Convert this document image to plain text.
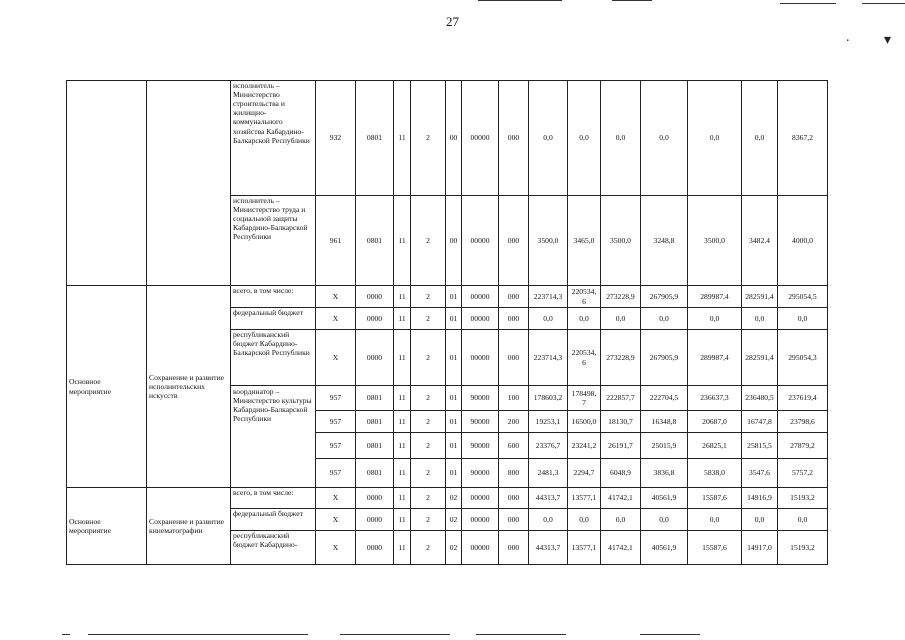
. ▾
27
		исполнитель – Министерство строительства и жилищно-коммунального хозяйства Кабардино-Балкарской Республики	932	0801	11	2	00	00000	000	0,0	0,0	0,0	0,0	0,0	0,0	8367,2
		исполнитель – Министерство труда и социальной защиты Кабардино-Балкарской Республики	961	0801	11	2	00	00000	000	3500,0	3465,0	3500,0	3248,8	3500,0	3482,4	4000,0
Основное мероприятие	Сохранение и развитие исполнительских искусств	всего, в том числе:	X	0000	11	2	01	00000	000	223714,3	220534,6	273228,9	267905,9	289987,4	282591,4	295054,5
		федеральный бюджет	X	0000	11	2	01	00000	000	0,0	0,0	0,0	0,0	0,0	0,0	0,0
		республиканский бюджет Кабардино-Балкарской Республики	X	0000	11	2	01	00000	000	223714,3	220534,6	273228,9	267905,9	289987,4	282591,4	295054,3
		координатор – Министерство культуры Кабардино-Балкарской Республики	957	0801	11	2	01	90000	100	178603,2	178498,7	222857,7	222704,5	236637,3	236480,5	237619,4
			957	0801	11	2	01	90000	200	19253,1	16500,0	18130,7	16348,8	20687,0	16747,8	23798,6
			957	0801	11	2	01	90000	600	23376,7	23241,2	26191,7	25015,9	26825,1	25815,5	27879,2
			957	0801	11	2	01	90000	800	2481,3	2294,7	6048,9	3836,8	5838,0	3547,6	5757,2
Основное мероприятие	Сохранение и развитие кинематографии	всего, в том числе:	X	0000	11	2	02	00000	000	44313,7	13577,1	41742,1	40561,9	15587,6	14916,9	15193,2
		федеральный бюджет	X	0000	11	2	02	00000	000	0,0	0,0	0,0	0,0	0,0	0,0	0,0
		республиканский бюджет Кабардино-	X	0000	11	2	02	00000	000	44313,7	13577,1	41742,1	40561,9	15587,6	14917,0	15193,2
